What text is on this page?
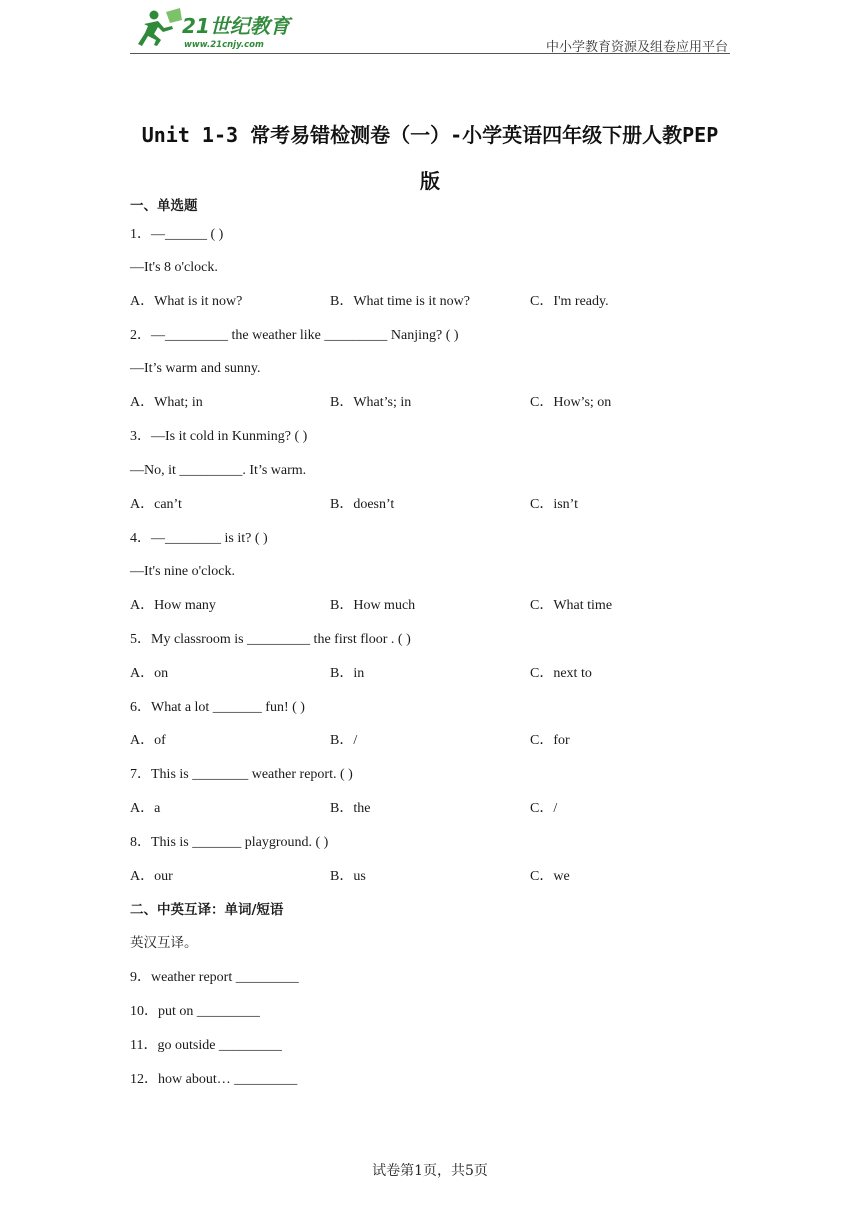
21世纪教育
www.21cnjy.com	中小学教育资源及组卷应用平台
Unit 1-3 常考易错检测卷（一）-小学英语四年级下册人教PEP
版
一、单选题
1．—______ ( )
—It's 8 o'clock.
A．What is it now?	B．What time is it now?	C．I'm ready.
2．—_________ the weather like _________ Nanjing? ( )
—It’s warm and sunny.
A．What; in	B．What’s; in	C．How’s; on
3．—Is it cold in Kunming? ( )
—No, it _________. It’s warm.
A．can’t	B．doesn’t	C．isn’t
4．—________ is it? ( )
—It's nine o'clock.
A．How many	B．How much	C．What time
5．My classroom is _________ the first floor . ( )
A．on	B．in	C．next to
6．What a lot _______ fun! ( )
A．of	B．/	C．for
7．This is ________ weather report. ( )
A．a	B．the	C．/
8．This is _______ playground. ( )
A．our	B．us	C．we
二、中英互译：单词/短语
英汉互译。
9．weather report _________
10．put on _________
11．go outside _________
12．how about… _________
试卷第1页，共5页
